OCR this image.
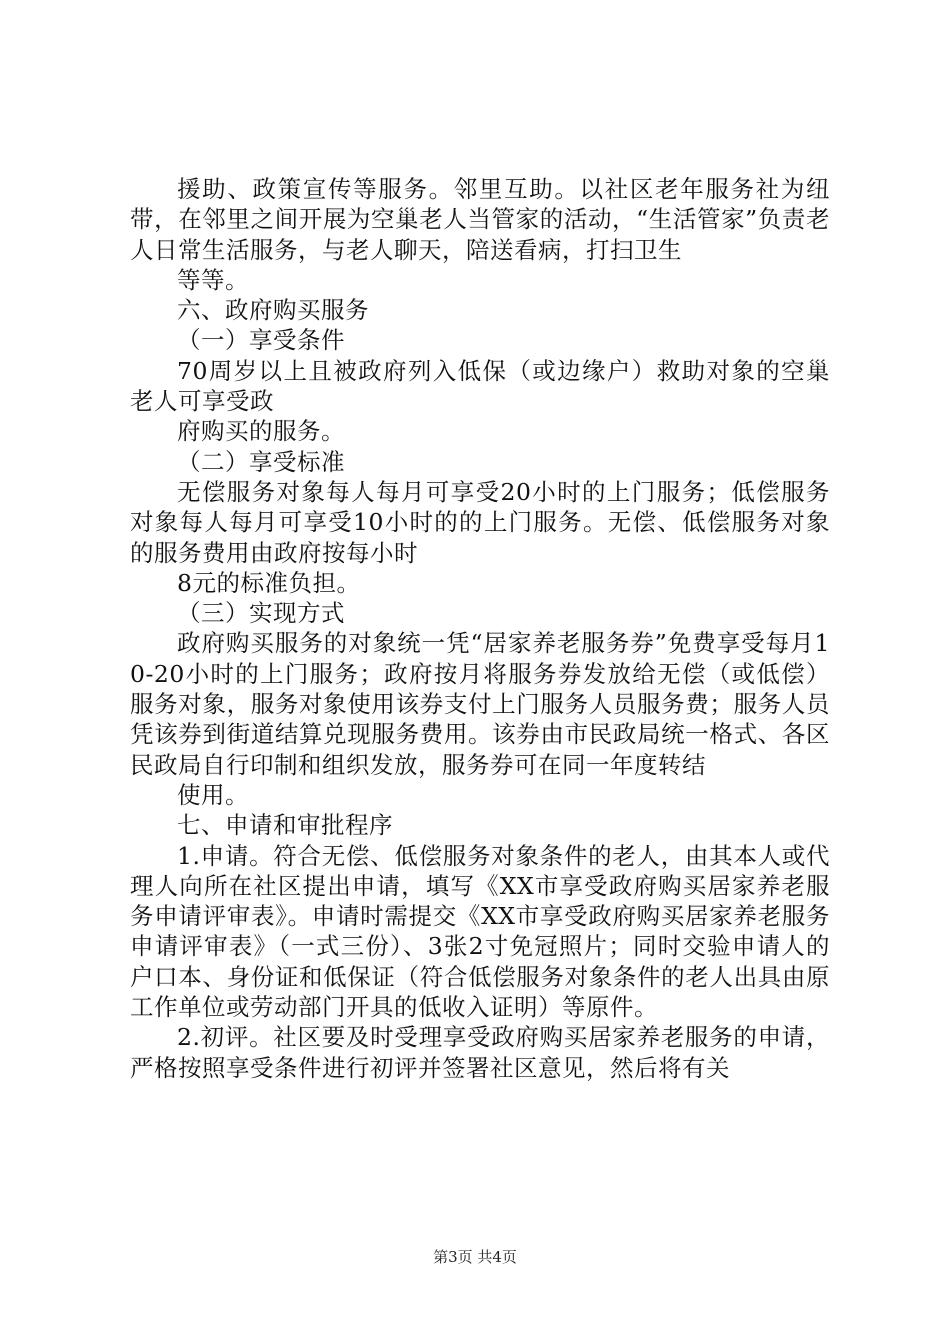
援助、政策宣传等服务。邻里互助。以社区老年服务社为纽带，在邻里之间开展为空巢老人当管家的活动，“生活管家”负责老人日常生活服务，与老人聊天，陪送看病，打扫卫生

等等。

六、政府购买服务

（一）享受条件

70周岁以上且被政府列入低保（或边缘户）救助对象的空巢老人可享受政

府购买的服务。

（二）享受标准

无偿服务对象每人每月可享受20小时的上门服务；低偿服务对象每人每月可享受10小时的的上门服务。无偿、低偿服务对象的服务费用由政府按每小时

8元的标准负担。

（三）实现方式

政府购买服务的对象统一凭“居家养老服务券”免费享受每月10-20小时的上门服务；政府按月将服务券发放给无偿（或低偿）服务对象，服务对象使用该券支付上门服务人员服务费；服务人员凭该券到街道结算兑现服务费用。该券由市民政局统一格式、各区民政局自行印制和组织发放，服务券可在同一年度转结

使用。

七、申请和审批程序

1.申请。符合无偿、低偿服务对象条件的老人，由其本人或代理人向所在社区提出申请，填写《XX市享受政府购买居家养老服务申请评审表》。申请时需提交《XX市享受政府购买居家养老服务申请评审表》（一式三份）、3张2寸免冠照片；同时交验申请人的户口本、身份证和低保证（符合低偿服务对象条件的老人出具由原工作单位或劳动部门开具的低收入证明）等原件。

2.初评。社区要及时受理享受政府购买居家养老服务的申请，严格按照享受条件进行初评并签署社区意见，然后将有关

第3页 共4页
